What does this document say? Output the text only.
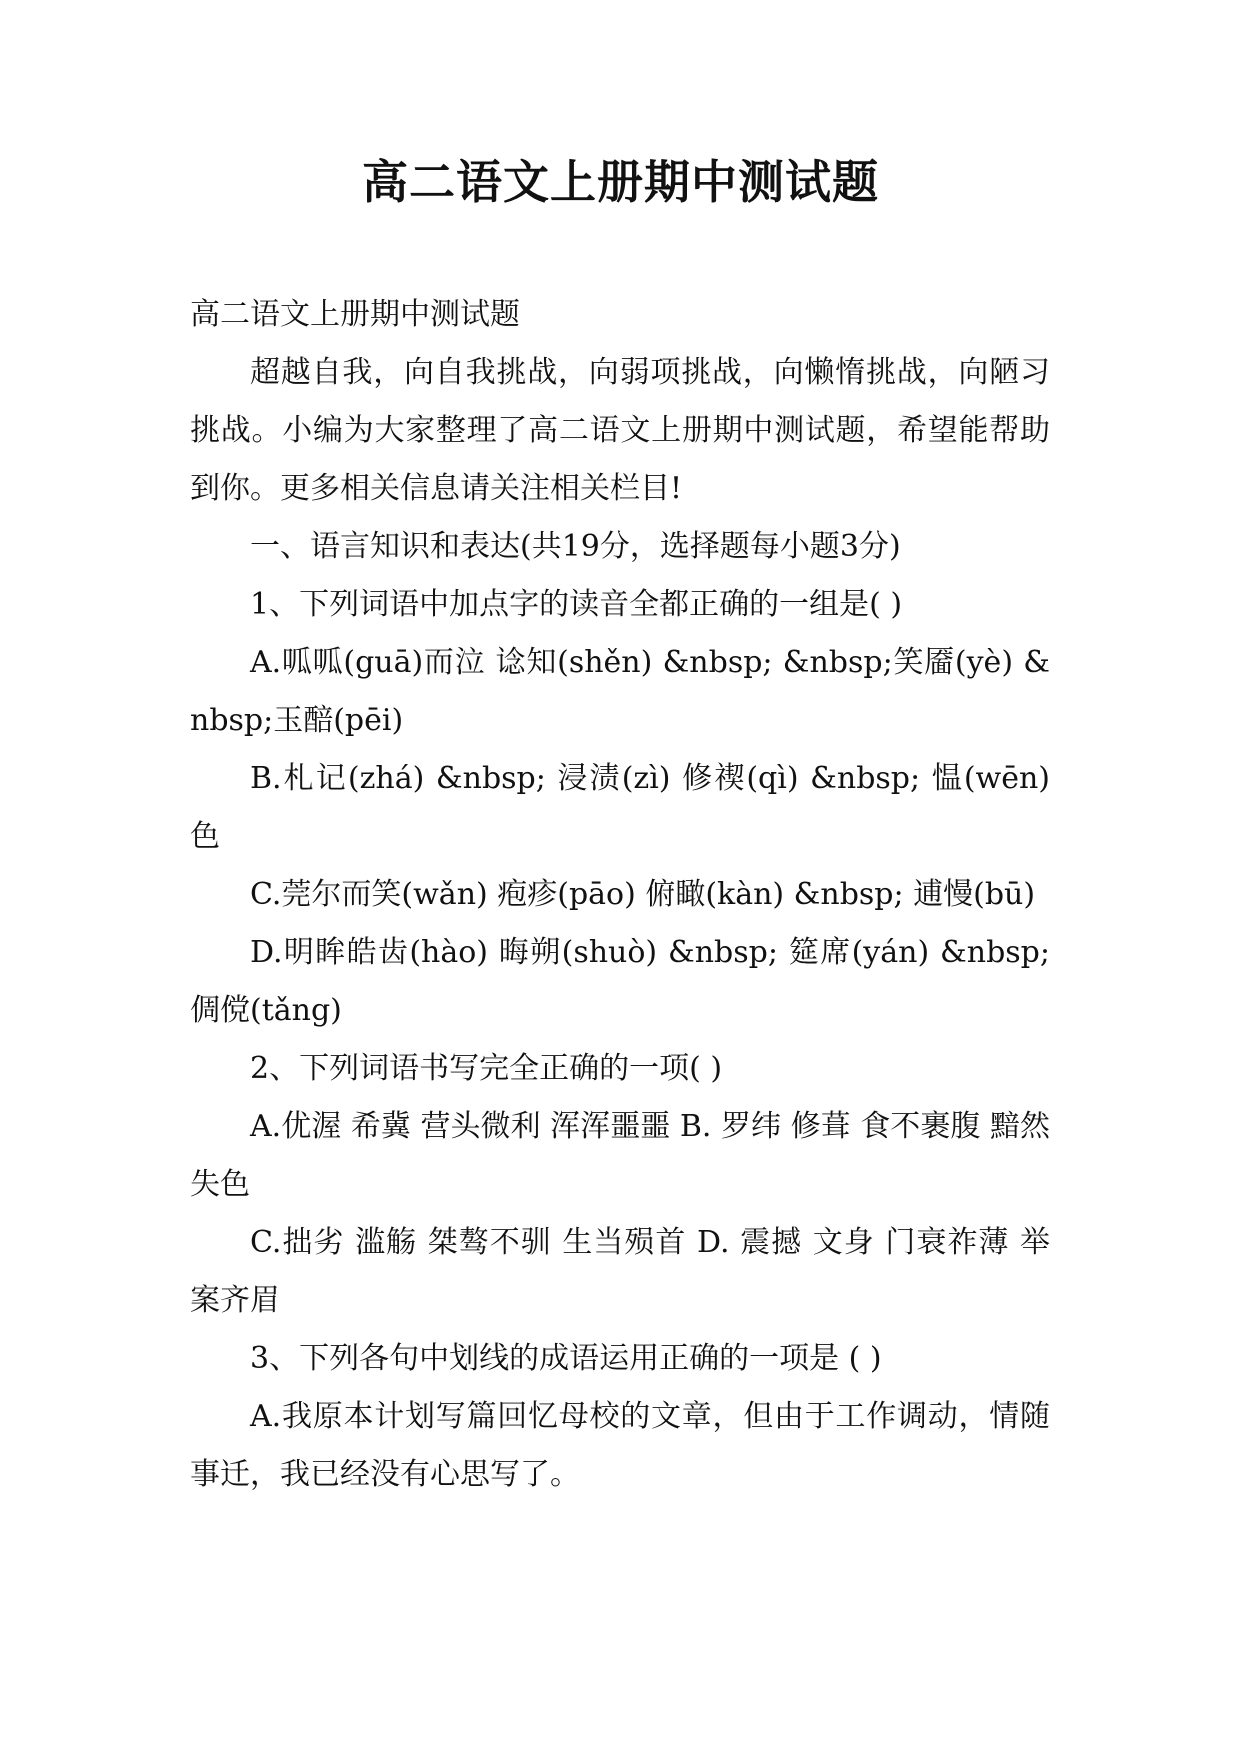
高二语文上册期中测试题

高二语文上册期中测试题

超越自我，向自我挑战，向弱项挑战，向懒惰挑战，向陋习挑战。小编为大家整理了高二语文上册期中测试题，希望能帮助到你。更多相关信息请关注相关栏目!

一、语言知识和表达(共19分，选择题每小题3分)

1、下列词语中加点字的读音全都正确的一组是( )

A.呱呱(guā)而泣 谂知(shěn) &nbsp; &nbsp;笑靥(yè) &nbsp;玉醅(pēi)

B.札记(zhá) &nbsp; 浸渍(zì) 修禊(qì) &nbsp; 愠(wēn)色

C.莞尔而笑(wǎn) 疱疹(pāo) 俯瞰(kàn) &nbsp; 逋慢(bū)

D.明眸皓齿(hào) 晦朔(shuò) &nbsp; 筵席(yán) &nbsp; 倜傥(tǎng)

2、下列词语书写完全正确的一项( )

A.优渥 希冀 营头微利 浑浑噩噩 B. 罗纬 修葺 食不裹腹 黯然失色

C.拙劣 滥觞 桀骜不驯 生当殒首 D. 震撼 文身 门衰祚薄 举案齐眉

3、下列各句中划线的成语运用正确的一项是 ( )

A.我原本计划写篇回忆母校的文章，但由于工作调动，情随事迁，我已经没有心思写了。
